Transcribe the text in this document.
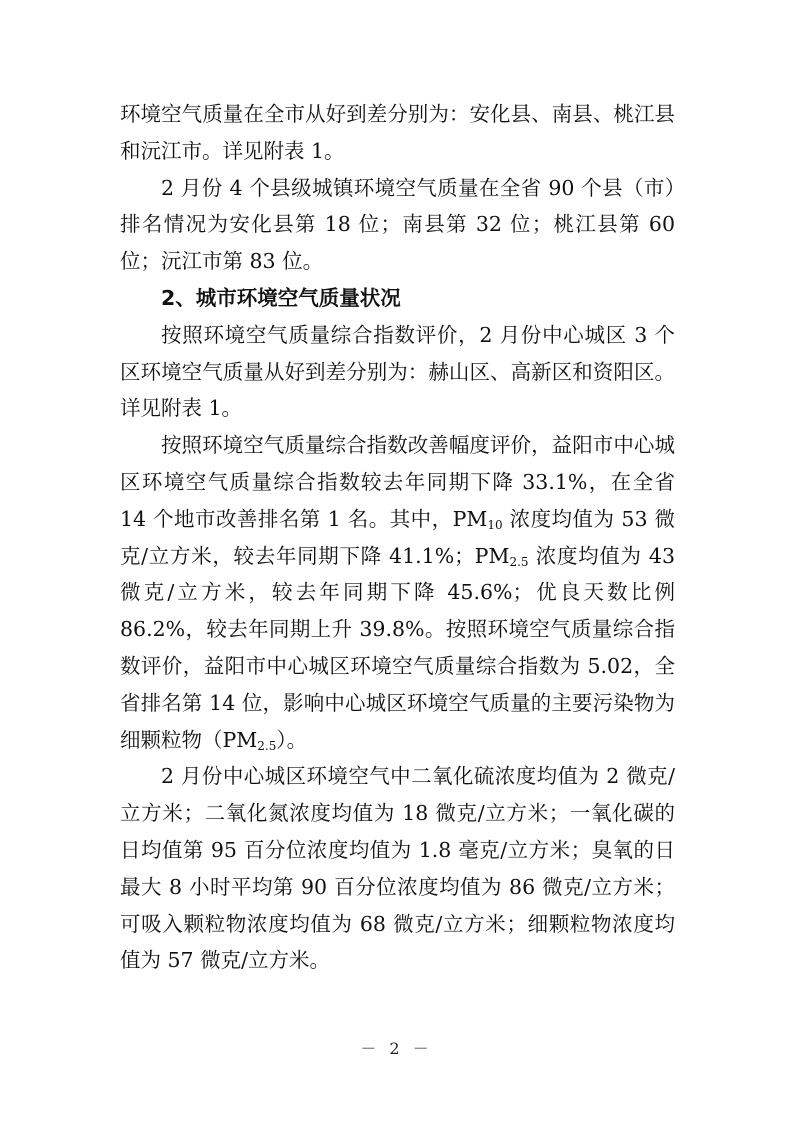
环境空气质量在全市从好到差分别为：安化县、南县、桃江县和沅江市。详见附表 1。

2 月份 4 个县级城镇环境空气质量在全省 90 个县（市）排名情况为安化县第 18 位；南县第 32 位；桃江县第 60 位；沅江市第 83 位。

2、城市环境空气质量状况

按照环境空气质量综合指数评价，2 月份中心城区 3 个区环境空气质量从好到差分别为：赫山区、高新区和资阳区。详见附表 1。

按照环境空气质量综合指数改善幅度评价，益阳市中心城区环境空气质量综合指数较去年同期下降 33.1%，在全省 14 个地市改善排名第 1 名。其中，$PM_{10}$ 浓度均值为 53 微克/立方米，较去年同期下降 41.1%；$PM_{2.5}$ 浓度均值为 43 微克/立方米，较去年同期下降 45.6%；优良天数比例 86.2%，较去年同期上升 39.8%。按照环境空气质量综合指数评价，益阳市中心城区环境空气质量综合指数为 5.02，全省排名第 14 位，影响中心城区环境空气质量的主要污染物为细颗粒物$(PM_{2.5})$。

2 月份中心城区环境空气中二氧化硫浓度均值为 2 微克/立方米；二氧化氮浓度均值为 18 微克/立方米；一氧化碳的日均值第 95 百分位浓度均值为 1.8 毫克/立方米；臭氧的日最大 8 小时平均第 90 百分位浓度均值为 86 微克/立方米；可吸入颗粒物浓度均值为 68 微克/立方米；细颗粒物浓度均值为 57 微克/立方米。

－ 2 －
